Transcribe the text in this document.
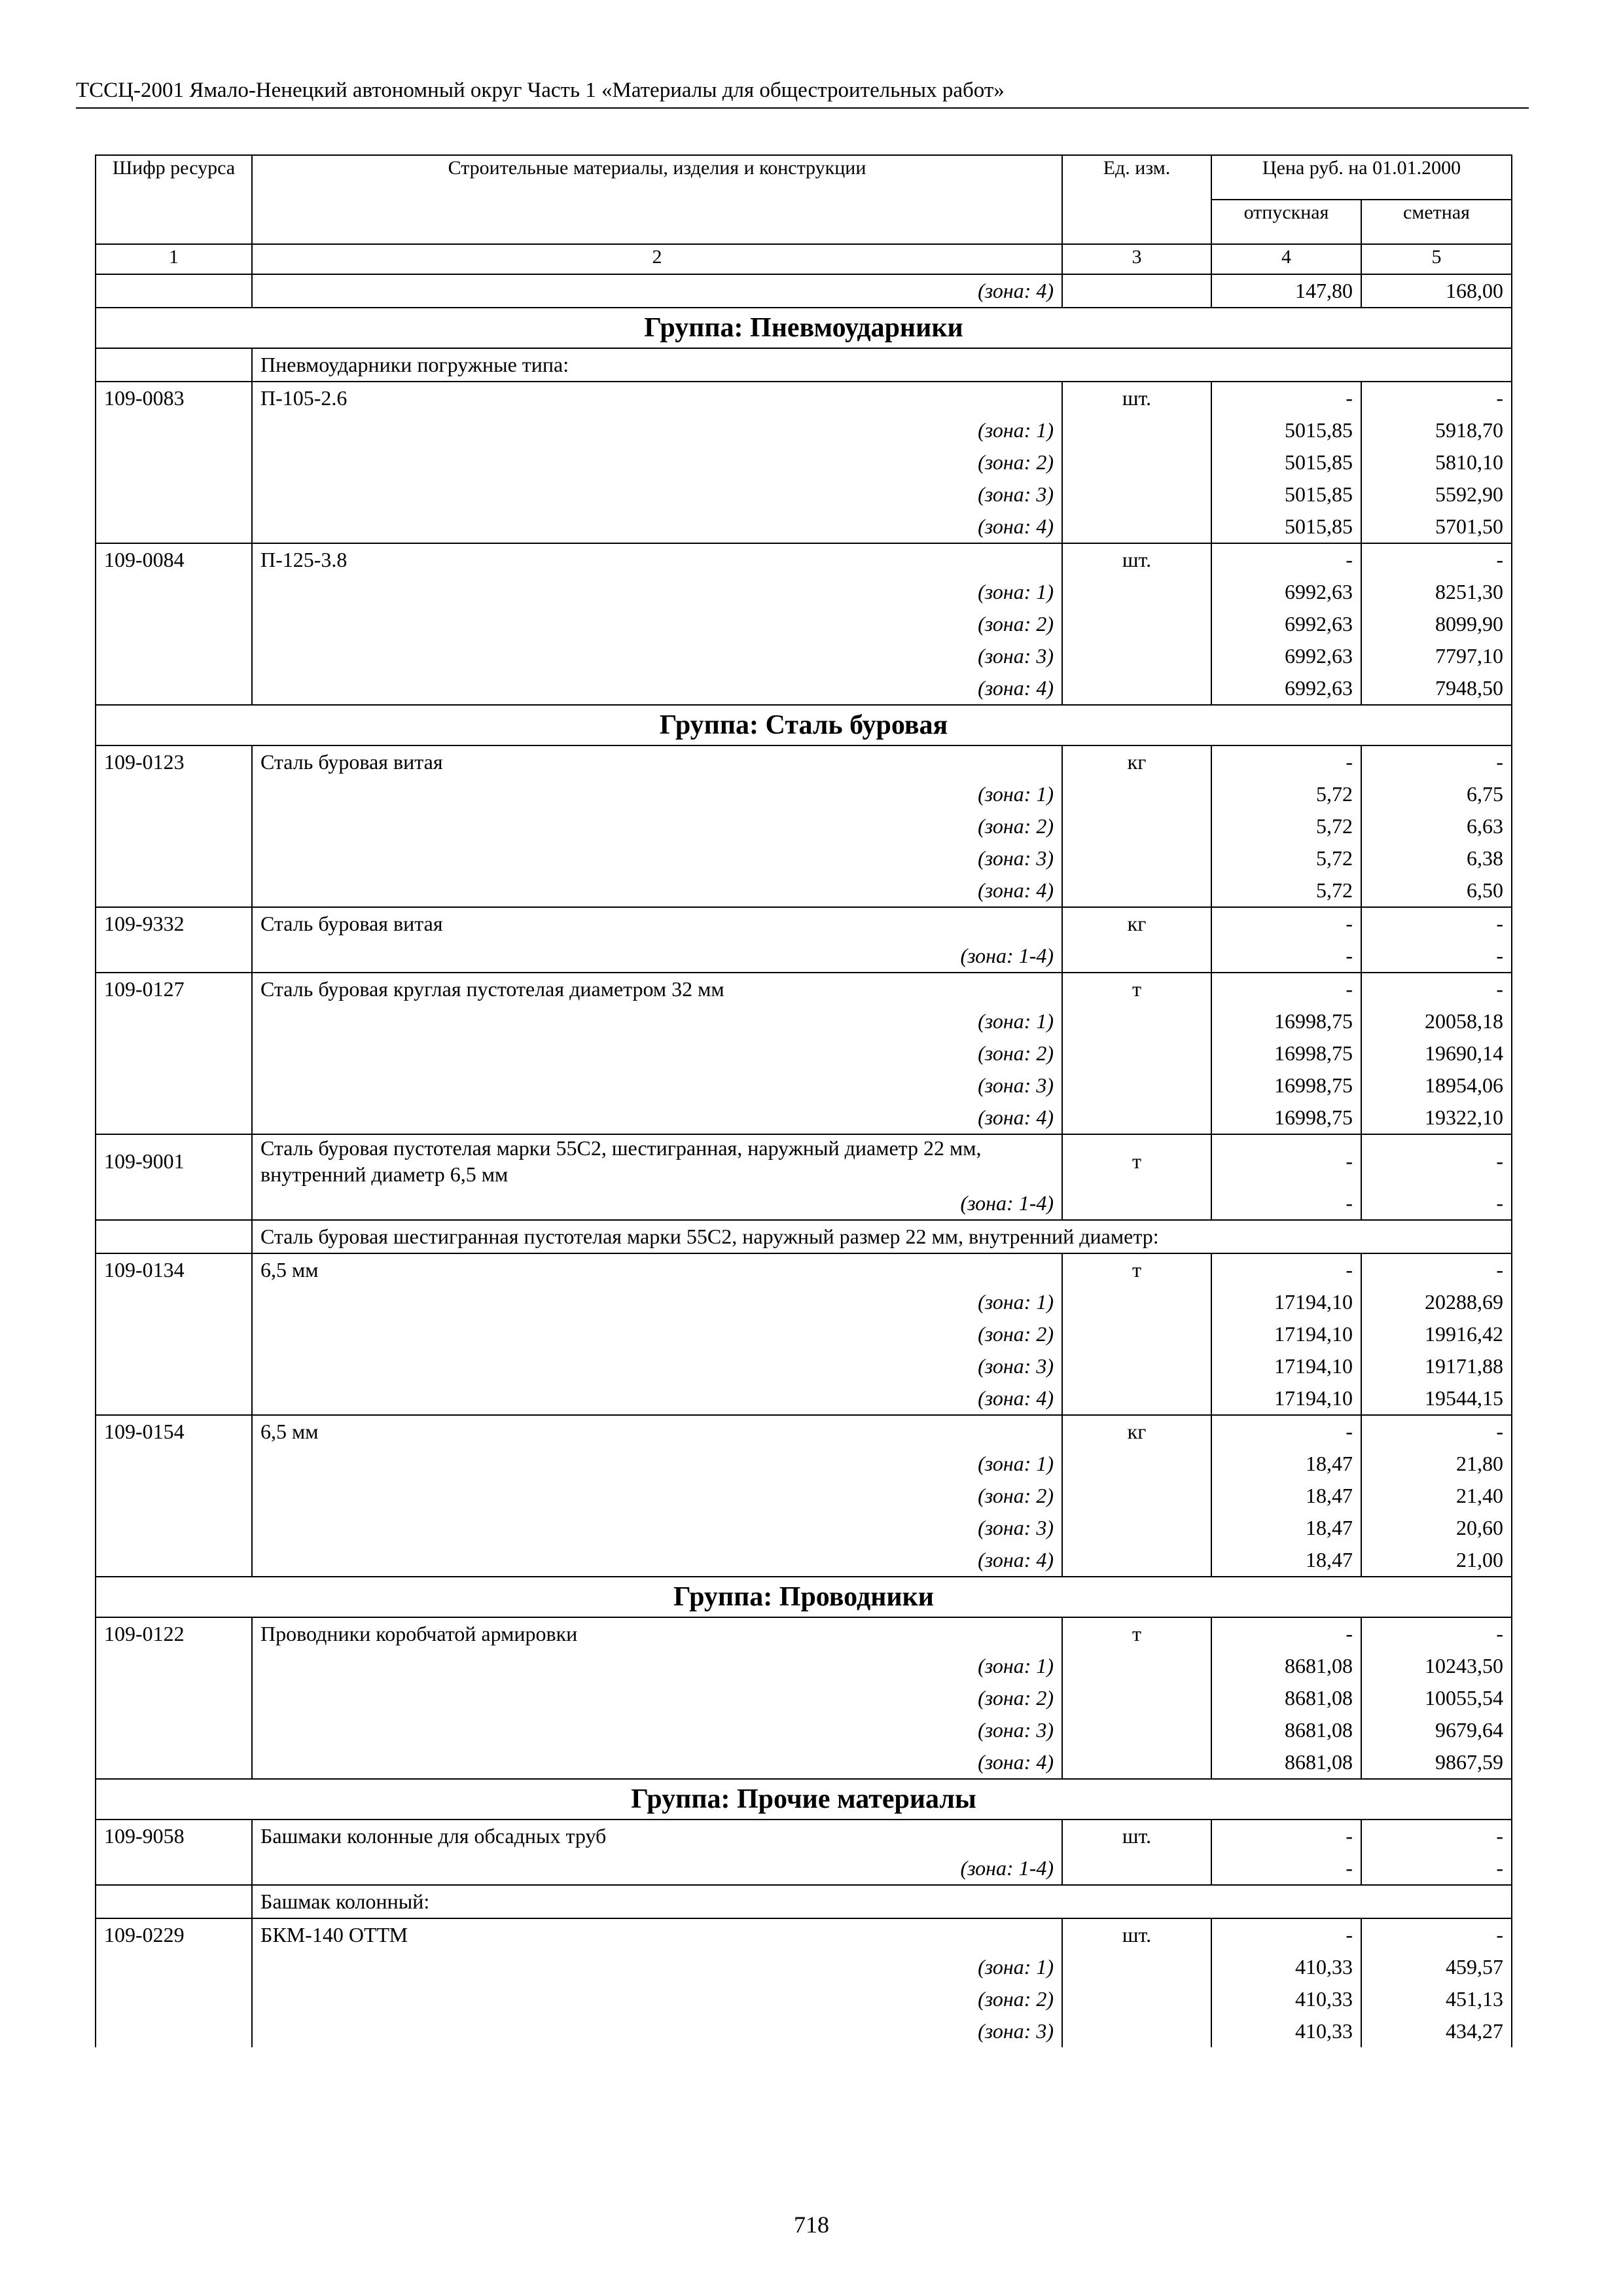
ТССЦ-2001 Ямало-Ненецкий автономный округ Часть 1 «Материалы для общестроительных работ»
Шифр ресурса	Строительные материалы, изделия и конструкции	Ед. изм.	Цена руб. на 01.01.2000	
			отпускная	сметная
1	2	3	4	5
	(зона: 4)		147,80	168,00
Группа: Пневмоударники				
	Пневмоударники погружные типа:			
109-0083	П-105-2.6	шт.	-	-
	(зона: 1)		5015,85	5918,70
	(зона: 2)		5015,85	5810,10
	(зона: 3)		5015,85	5592,90
	(зона: 4)		5015,85	5701,50
109-0084	П-125-3.8	шт.	-	-
	(зона: 1)		6992,63	8251,30
	(зона: 2)		6992,63	8099,90
	(зона: 3)		6992,63	7797,10
	(зона: 4)		6992,63	7948,50
Группа: Сталь буровая				
109-0123	Сталь буровая витая	кг	-	-
	(зона: 1)		5,72	6,75
	(зона: 2)		5,72	6,63
	(зона: 3)		5,72	6,38
	(зона: 4)		5,72	6,50
109-9332	Сталь буровая витая	кг	-	-
	(зона: 1-4)		-	-
109-0127	Сталь буровая круглая пустотелая диаметром 32 мм	т	-	-
	(зона: 1)		16998,75	20058,18
	(зона: 2)		16998,75	19690,14
	(зона: 3)		16998,75	18954,06
	(зона: 4)		16998,75	19322,10
109-9001	Сталь буровая пустотелая марки 55С2, шестигранная, наружный диаметр 22 мм, внутренний диаметр 6,5 мм	т	-	-
	(зона: 1-4)		-	-
	Сталь буровая шестигранная пустотелая марки 55С2, наружный размер 22 мм, внутренний диаметр:			
109-0134	6,5 мм	т	-	-
	(зона: 1)		17194,10	20288,69
	(зона: 2)		17194,10	19916,42
	(зона: 3)		17194,10	19171,88
	(зона: 4)		17194,10	19544,15
109-0154	6,5 мм	кг	-	-
	(зона: 1)		18,47	21,80
	(зона: 2)		18,47	21,40
	(зона: 3)		18,47	20,60
	(зона: 4)		18,47	21,00
Группа: Проводники				
109-0122	Проводники коробчатой армировки	т	-	-
	(зона: 1)		8681,08	10243,50
	(зона: 2)		8681,08	10055,54
	(зона: 3)		8681,08	9679,64
	(зона: 4)		8681,08	9867,59
Группа: Прочие материалы				
109-9058	Башмаки колонные для обсадных труб	шт.	-	-
	(зона: 1-4)		-	-
	Башмак колонный:			
109-0229	БКМ-140 ОТТМ	шт.	-	-
	(зона: 1)		410,33	459,57
	(зона: 2)		410,33	451,13
	(зона: 3)		410,33	434,27
718
